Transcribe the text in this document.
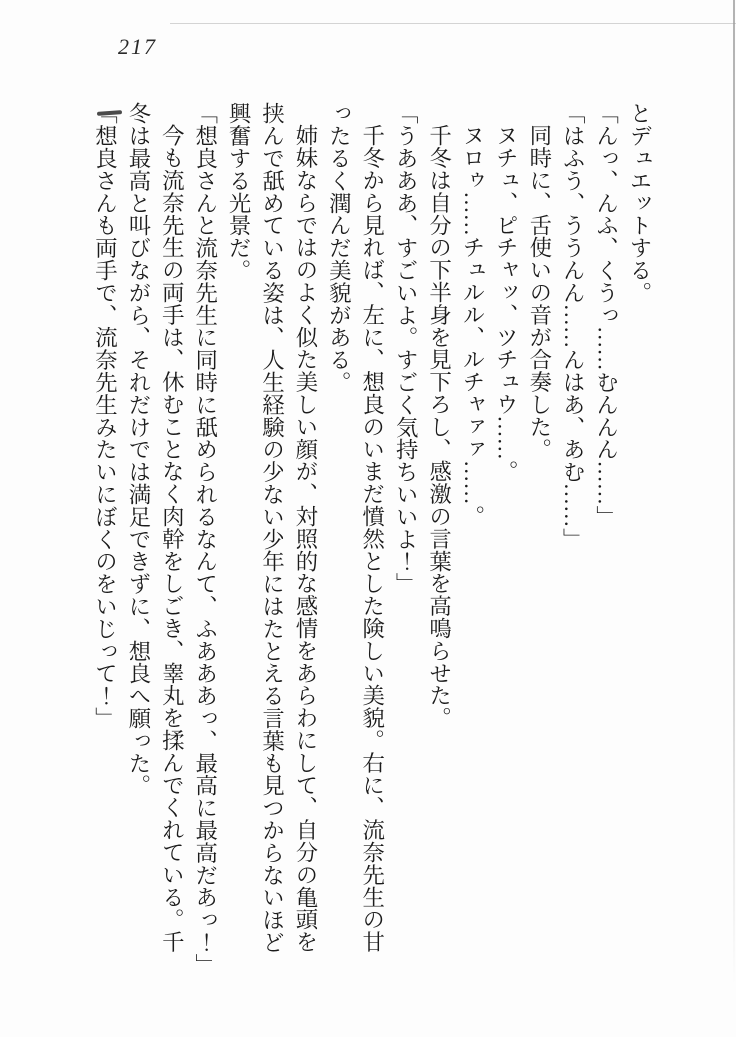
217

とデュエットする。

「んっ、んふ、くうっ……むんんん……」

「はふう、ううんん……んはあ、あむ……」

同時に、舌使いの音が合奏した。

ヌチュ、ピチャッ、ツチュウ……。

ヌロゥ……チュルル、ルチャァァ……。

千冬は自分の下半身を見下ろし、感激の言葉を高鳴らせた。

「うあああ、すごいよ。すごく気持ちいいよ！」

千冬から見れば、左に、想良のいまだ憤然とした険しい美貌。右に、流奈先生の甘

ったるく潤んだ美貌がある。

姉妹ならではのよく似た美しい顔が、対照的な感情をあらわにして、自分の亀頭を

挟んで舐めている姿は、人生経験の少ない少年にはたとえる言葉も見つからないほど

興奮する光景だ。

「想良さんと流奈先生に同時に舐められるなんて、ふあああっ、最高に最高だあっ！」

今も流奈先生の両手は、休むことなく肉幹をしごき、睾丸を揉んでくれている。千

冬は最高と叫びながら、それだけでは満足できずに、想良へ願った。

「想良さんも両手で、流奈先生みたいにぼくのをいじって！」
